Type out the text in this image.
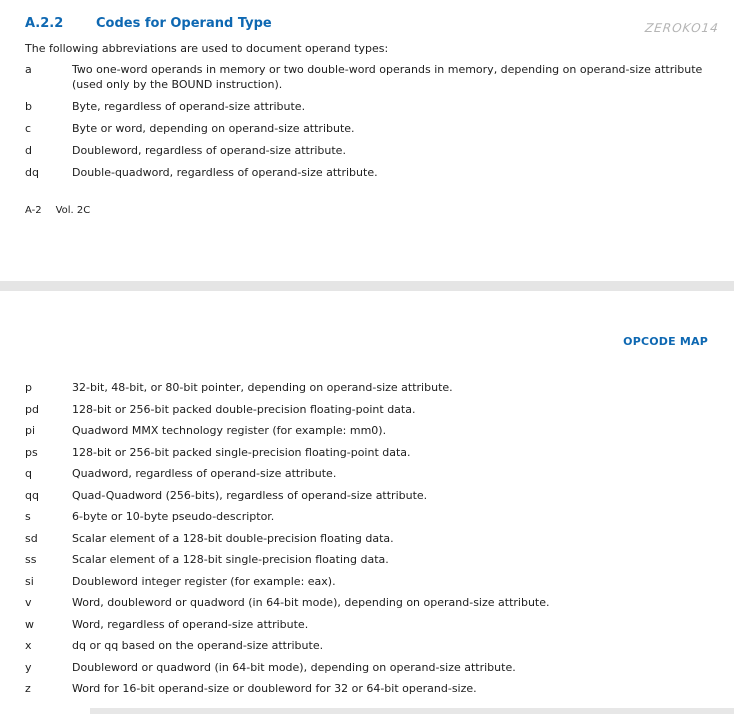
A.2.2	Codes for Operand Type	ZEROKO14
The following abbreviations are used to document operand types:
a	Two one-word operands in memory or two double-word operands in memory, depending on operand-size attribute (used only by the BOUND instruction).
b	Byte, regardless of operand-size attribute.
c	Byte or word, depending on operand-size attribute.
d	Doubleword, regardless of operand-size attribute.
dq	Double-quadword, regardless of operand-size attribute.
A-2 Vol. 2C
OPCODE MAP
p	32-bit, 48-bit, or 80-bit pointer, depending on operand-size attribute.
pd	128-bit or 256-bit packed double-precision floating-point data.
pi	Quadword MMX technology register (for example: mm0).
ps	128-bit or 256-bit packed single-precision floating-point data.
q	Quadword, regardless of operand-size attribute.
qq	Quad-Quadword (256-bits), regardless of operand-size attribute.
s	6-byte or 10-byte pseudo-descriptor.
sd	Scalar element of a 128-bit double-precision floating data.
ss	Scalar element of a 128-bit single-precision floating data.
si	Doubleword integer register (for example: eax).
v	Word, doubleword or quadword (in 64-bit mode), depending on operand-size attribute.
w	Word, regardless of operand-size attribute.
x	dq or qq based on the operand-size attribute.
y	Doubleword or quadword (in 64-bit mode), depending on operand-size attribute.
z	Word for 16-bit operand-size or doubleword for 32 or 64-bit operand-size.
